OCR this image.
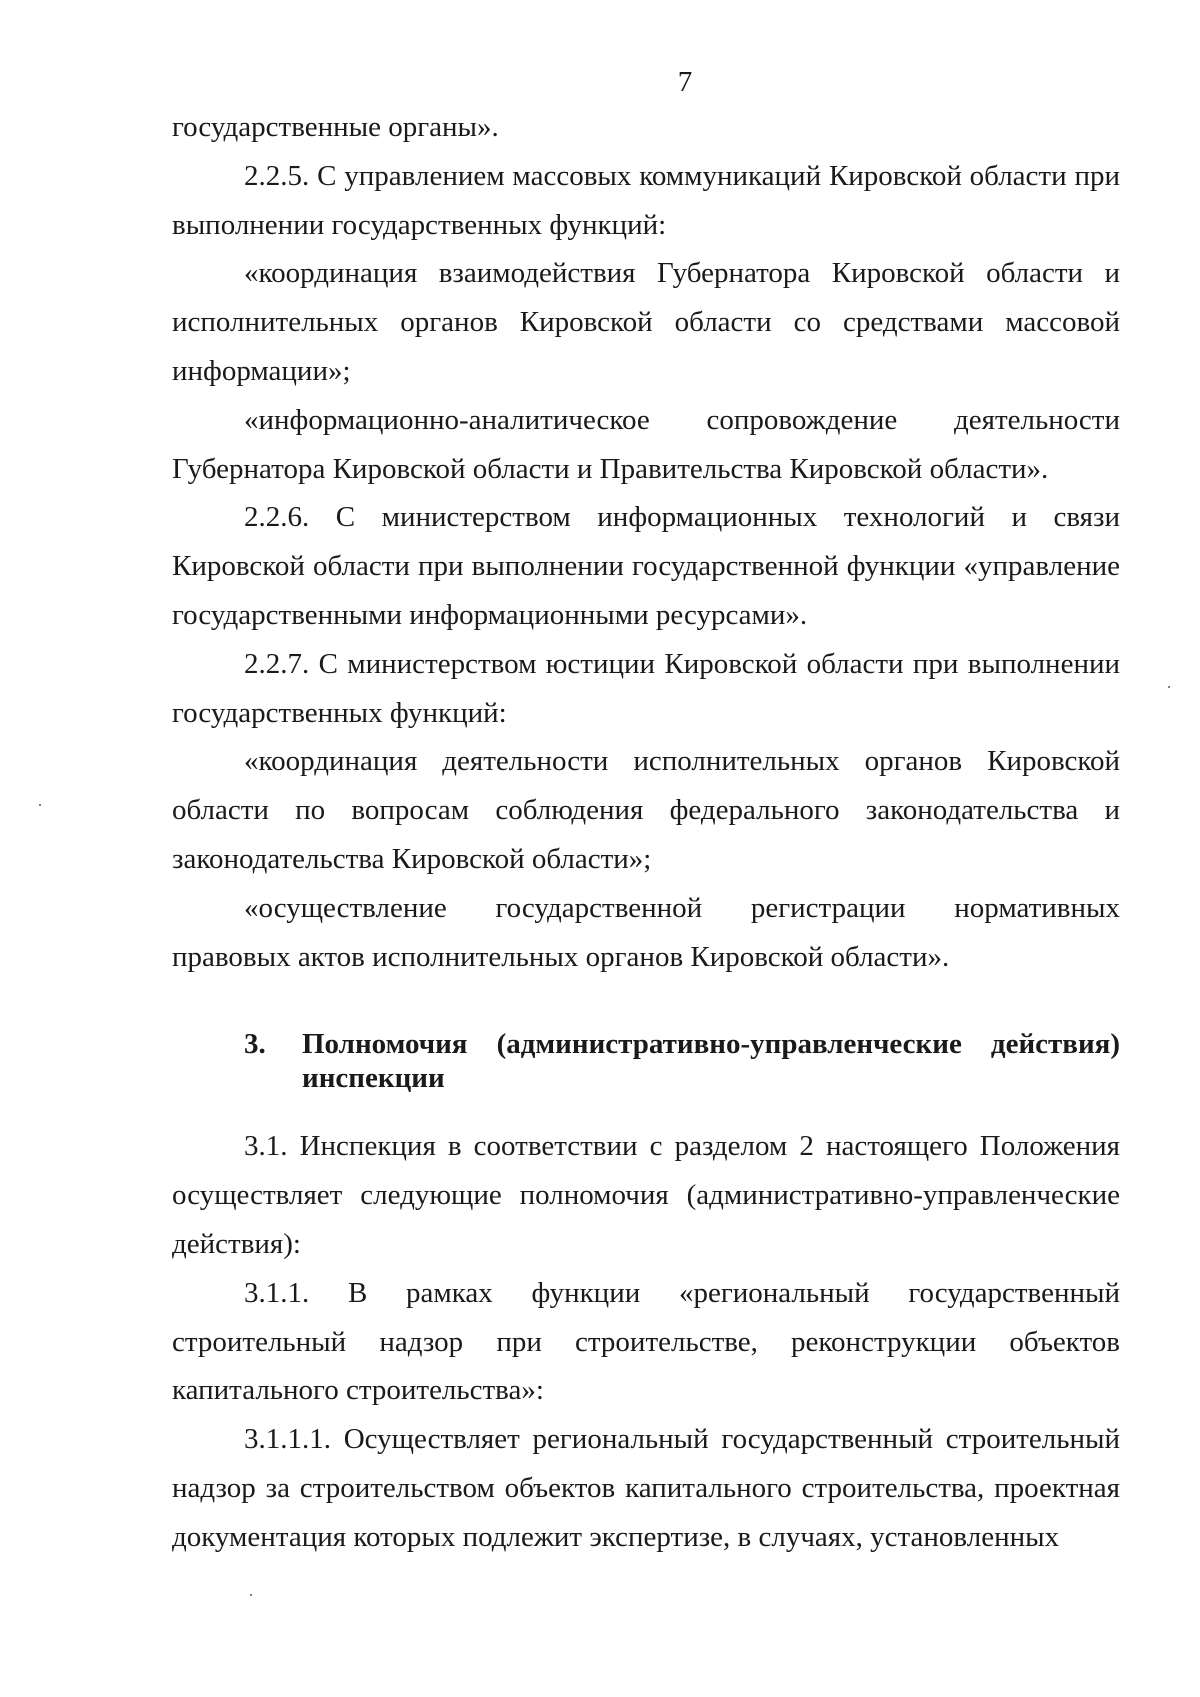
7

государственные органы».

2.2.5. С управлением массовых коммуникаций Кировской области при выполнении государственных функций:

«координация взаимодействия Губернатора Кировской области и исполнительных органов Кировской области со средствами массовой информации»;

«информационно-аналитическое сопровождение деятельности Губернатора Кировской области и Правительства Кировской области».

2.2.6. С министерством информационных технологий и связи Кировской области при выполнении государственной функции «управление государственными информационными ресурсами».

2.2.7. С министерством юстиции Кировской области при выполнении государственных функций:

«координация деятельности исполнительных органов Кировской области по вопросам соблюдения федерального законодательства и законодательства Кировской области»;

«осуществление государственной регистрации нормативных правовых актов исполнительных органов Кировской области».

3.	Полномочия (административно-управленческие действия) инспекции

3.1. Инспекция в соответствии с разделом 2 настоящего Положения осуществляет следующие полномочия (административно-управленческие действия):

3.1.1. В рамках функции «региональный государственный строительный надзор при строительстве, реконструкции объектов капитального строительства»:

3.1.1.1. Осуществляет региональный государственный строительный надзор за строительством объектов капитального строительства, проектная документация которых подлежит экспертизе, в случаях, установленных
